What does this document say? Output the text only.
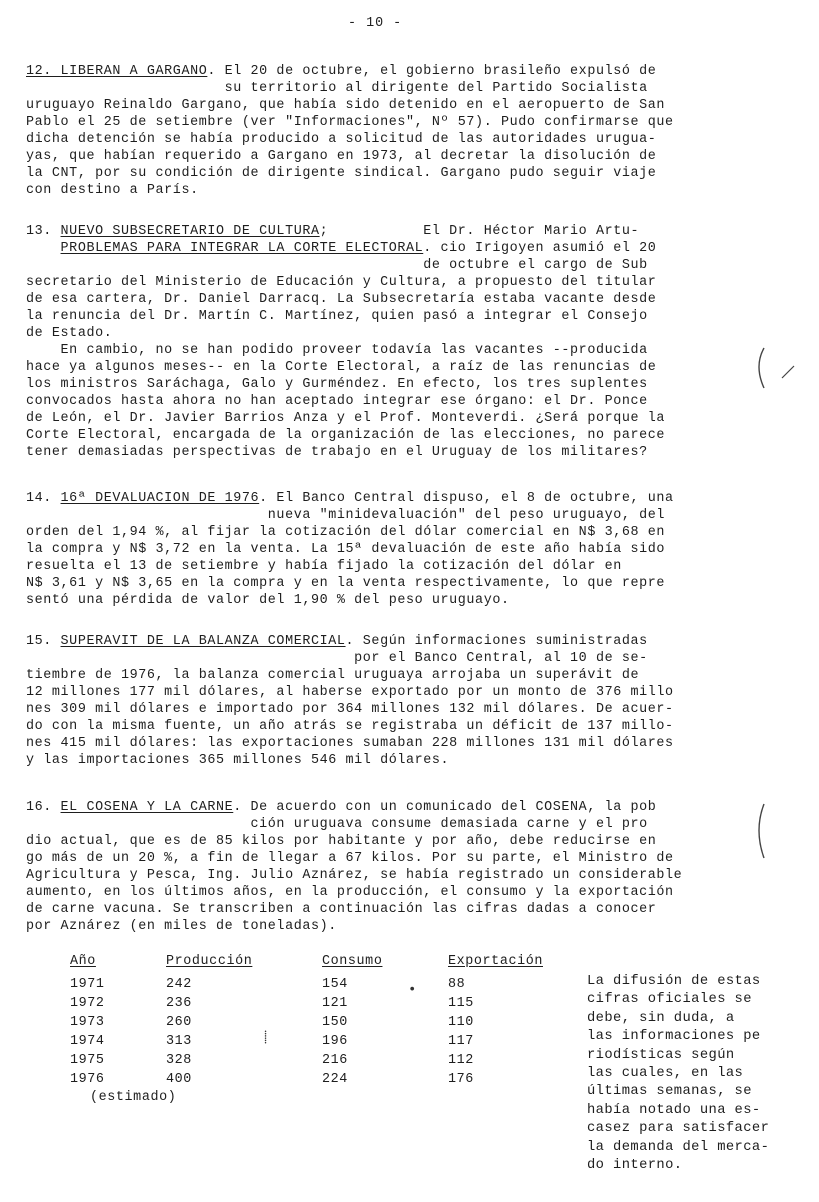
- 10 -
12. LIBERAN A GARGANO. El 20 de octubre, el gobierno brasileño expulsó de
su territorio al dirigente del Partido Socialista
uruguayo Reinaldo Gargano, que había sido detenido en el aeropuerto de San
Pablo el 25 de setiembre (ver "Informaciones", Nº 57). Pudo confirmarse que
dicha detención se había producido a solicitud de las autoridades urugua-
yas, que habían requerido a Gargano en 1973, al decretar la disolución de
la CNT, por su condición de dirigente sindical. Gargano pudo seguir viaje
con destino a París.
13. NUEVO SUBSECRETARIO DE CULTURA;           El Dr. Héctor Mario Artu-
PROBLEMAS PARA INTEGRAR LA CORTE ELECTORAL. cio Irigoyen asumió el 20
de octubre el cargo de Sub
secretario del Ministerio de Educación y Cultura, a propuesto del titular
de esa cartera, Dr. Daniel Darracq. La Subsecretaría estaba vacante desde
la renuncia del Dr. Martín C. Martínez, quien pasó a integrar el Consejo
de Estado.
En cambio, no se han podido proveer todavía las vacantes --producida
hace ya algunos meses-- en la Corte Electoral, a raíz de las renuncias de
los ministros Saráchaga, Galo y Gurméndez. En efecto, los tres suplentes
convocados hasta ahora no han aceptado integrar ese órgano: el Dr. Ponce
de León, el Dr. Javier Barrios Anza y el Prof. Monteverdi. ¿Será porque la
Corte Electoral, encargada de la organización de las elecciones, no parece
tener demasiadas perspectivas de trabajo en el Uruguay de los militares?
14. 16ª DEVALUACION DE 1976. El Banco Central dispuso, el 8 de octubre, una
nueva "minidevaluación" del peso uruguayo, del
orden del 1,94 %, al fijar la cotización del dólar comercial en N$ 3,68 en
la compra y N$ 3,72 en la venta. La 15ª devaluación de este año había sido
resuelta el 13 de setiembre y había fijado la cotización del dólar en
N$ 3,61 y N$ 3,65 en la compra y en la venta respectivamente, lo que repre
sentó una pérdida de valor del 1,90 % del peso uruguayo.
15. SUPERAVIT DE LA BALANZA COMERCIAL. Según informaciones suministradas
por el Banco Central, al 10 de se-
tiembre de 1976, la balanza comercial uruguaya arrojaba un superávit de
12 millones 177 mil dólares, al haberse exportado por un monto de 376 millo
nes 309 mil dólares e importado por 364 millones 132 mil dólares. De acuer-
do con la misma fuente, un año atrás se registraba un déficit de 137 millo-
nes 415 mil dólares: las exportaciones sumaban 228 millones 131 mil dólares
y las importaciones 365 millones 546 mil dólares.
16. EL COSENA Y LA CARNE. De acuerdo con un comunicado del COSENA, la pob
ción uruguava consume demasiada carne y el pro
dio actual, que es de 85 kilos por habitante y por año, debe reducirse en
go más de un 20 %, a fin de llegar a 67 kilos. Por su parte, el Ministro de
Agricultura y Pesca, Ing. Julio Aznárez, se había registrado un considerable
aumento, en los últimos años, en la producción, el consumo y la exportación
de carne vacuna. Se transcriben a continuación las cifras dadas a conocer
por Aznárez (en miles de toneladas).

Año	Producción	Consumo	Exportación
1971	242	154	88
1972	236	121	115
1973	260	150	110
1974	313	196	117
1975	328	216	112
1976	400	224	176
(estimado)
La difusión de estas
cifras oficiales se
debe, sin duda, a
las informaciones pe
riodísticas según
las cuales, en las
últimas semanas, se
había notado una es-
casez para satisfacer
la demanda del merca-
do interno.
•
⸽
